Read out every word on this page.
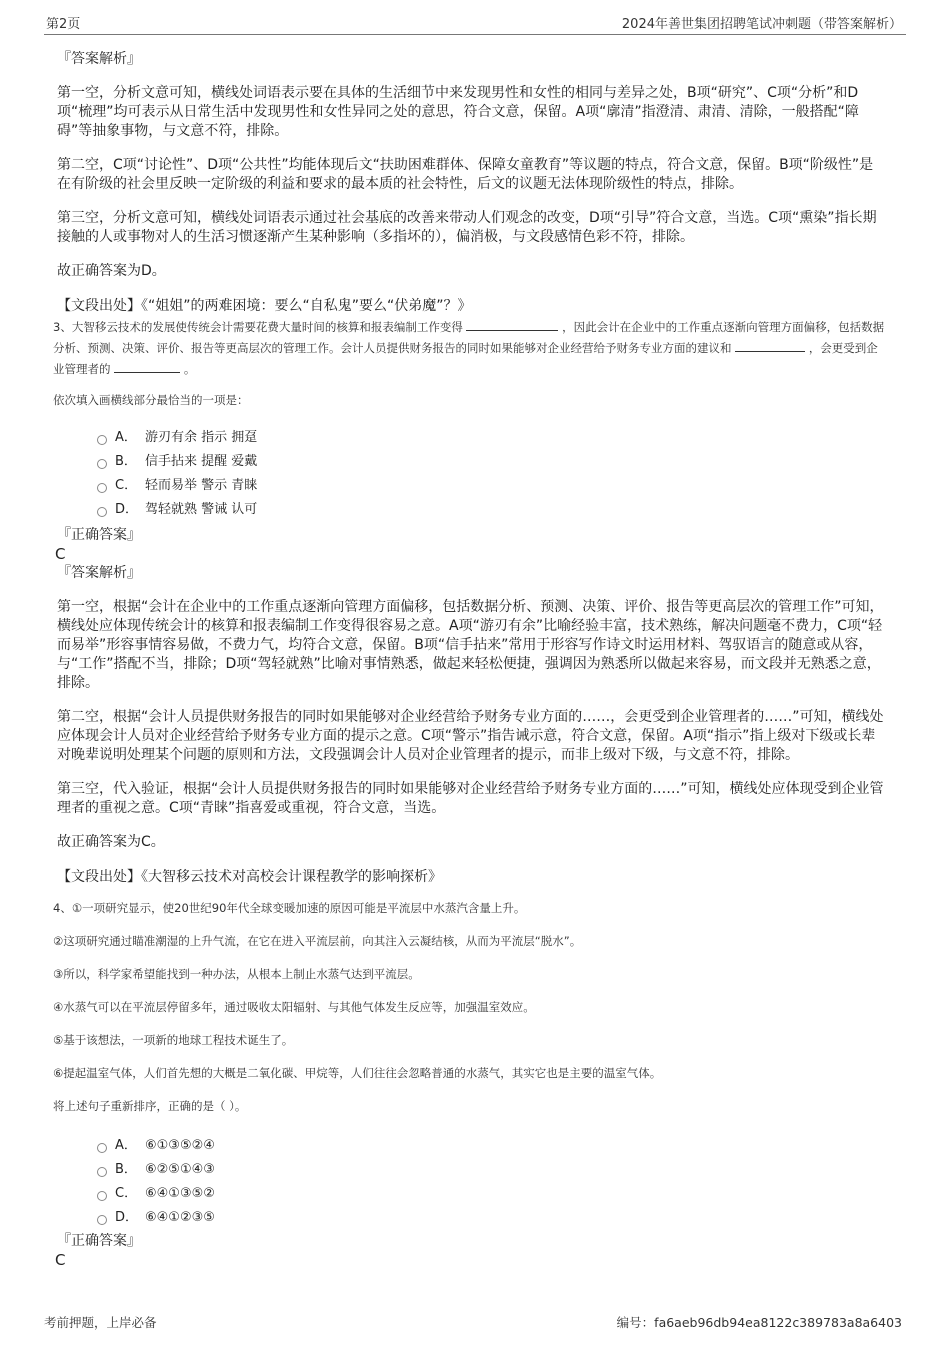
第2页	2024年善世集团招聘笔试冲刺题（带答案解析）

『答案解析』

第一空，分析文意可知，横线处词语表示要在具体的生活细节中来发现男性和女性的相同与差异之处，B项“研究”、C项“分析”和D项“梳理”均可表示从日常生活中发现男性和女性异同之处的意思，符合文意，保留。A项“廓清”指澄清、肃清、清除，一般搭配“障碍”等抽象事物，与文意不符，排除。

第二空，C项“讨论性”、D项“公共性”均能体现后文“扶助困难群体、保障女童教育”等议题的特点，符合文意，保留。B项“阶级性”是在有阶级的社会里反映一定阶级的利益和要求的最本质的社会特性，后文的议题无法体现阶级性的特点，排除。

第三空，分析文意可知，横线处词语表示通过社会基底的改善来带动人们观念的改变，D项“引导”符合文意，当选。C项“熏染”指长期接触的人或事物对人的生活习惯逐渐产生某种影响（多指坏的），偏消极，与文段感情色彩不符，排除。

故正确答案为D。

【文段出处】《“姐姐”的两难困境：要么“自私鬼”要么“伏弟魔”？》

3、大智移云技术的发展使传统会计需要花费大量时间的核算和报表编制工作变得	，因此会计在企业中的工作重点逐渐向管理方面偏移，包括数据分析、预测、决策、评价、报告等更高层次的管理工作。会计人员提供财务报告的同时如果能够对企业经营给予财务专业方面的建议和	，会更受到企业管理者的	。

依次填入画横线部分最恰当的一项是：

A． 游刃有余 指示 拥趸
B． 信手拈来 提醒 爱戴
C． 轻而易举 警示 青睐
D． 驾轻就熟 警诫 认可

『正确答案』

C

『答案解析』

第一空，根据“会计在企业中的工作重点逐渐向管理方面偏移，包括数据分析、预测、决策、评价、报告等更高层次的管理工作”可知，横线处应体现传统会计的核算和报表编制工作变得很容易之意。A项“游刃有余”比喻经验丰富，技术熟练，解决问题毫不费力，C项“轻而易举”形容事情容易做，不费力气，均符合文意，保留。B项“信手拈来”常用于形容写作诗文时运用材料、驾驭语言的随意或从容，与“工作”搭配不当，排除；D项“驾轻就熟”比喻对事情熟悉，做起来轻松便捷，强调因为熟悉所以做起来容易，而文段并无熟悉之意，排除。

第二空，根据“会计人员提供财务报告的同时如果能够对企业经营给予财务专业方面的……，会更受到企业管理者的……”可知，横线处应体现会计人员对企业经营给予财务专业方面的提示之意。C项“警示”指告诫示意，符合文意，保留。A项“指示”指上级对下级或长辈对晚辈说明处理某个问题的原则和方法，文段强调会计人员对企业管理者的提示，而非上级对下级，与文意不符，排除。

第三空，代入验证，根据“会计人员提供财务报告的同时如果能够对企业经营给予财务专业方面的……”可知，横线处应体现受到企业管理者的重视之意。C项“青睐”指喜爱或重视，符合文意，当选。

故正确答案为C。

【文段出处】《大智移云技术对高校会计课程教学的影响探析》

4、①一项研究显示，使20世纪90年代全球变暖加速的原因可能是平流层中水蒸汽含量上升。

②这项研究通过瞄准潮湿的上升气流，在它在进入平流层前，向其注入云凝结核，从而为平流层“脱水”。

③所以，科学家希望能找到一种办法，从根本上制止水蒸气达到平流层。

④水蒸气可以在平流层停留多年，通过吸收太阳辐射、与其他气体发生反应等，加强温室效应。

⑤基于该想法，一项新的地球工程技术诞生了。

⑥提起温室气体，人们首先想的大概是二氧化碳、甲烷等，人们往往会忽略普通的水蒸气，其实它也是主要的温室气体。

将上述句子重新排序，正确的是（ ）。

A． ⑥①③⑤②④
B． ⑥②⑤①④③
C． ⑥④①③⑤②
D． ⑥④①②③⑤

『正确答案』

C

考前押题，上岸必备	编号：fa6aeb96db94ea8122c389783a8a6403
